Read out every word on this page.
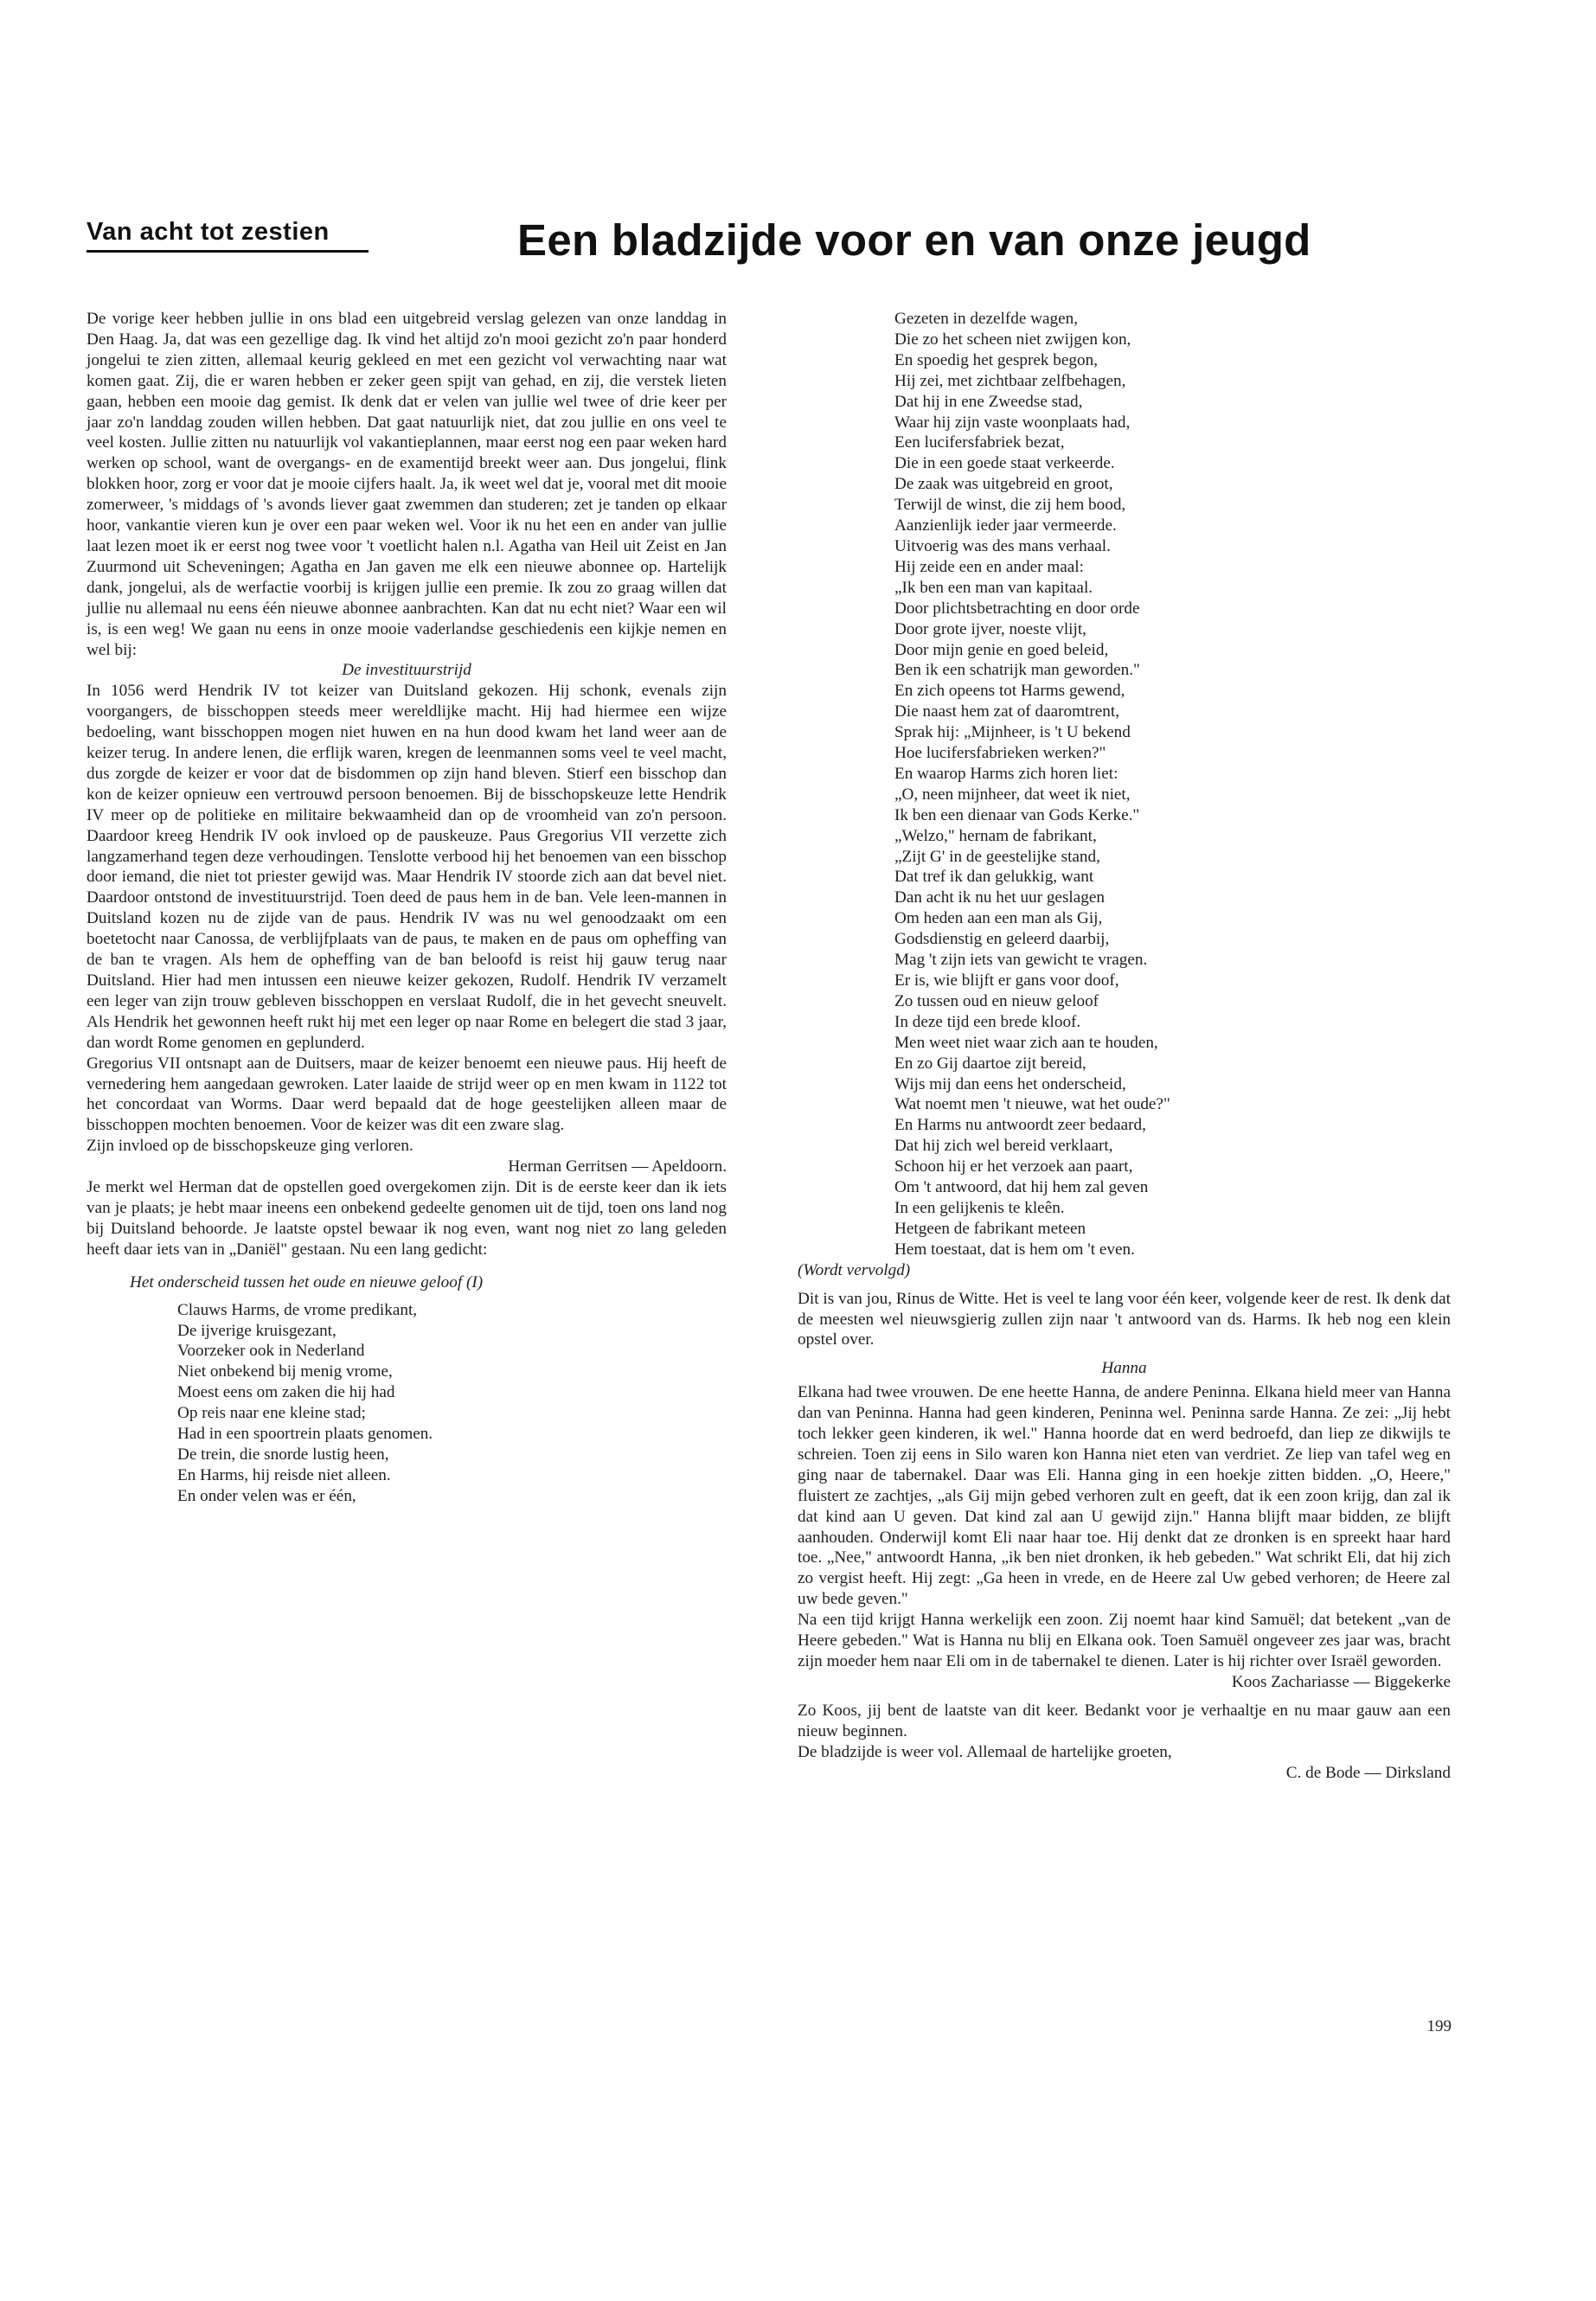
Van acht tot zestien	Een bladzijde voor en van onze jeugd

De vorige keer hebben jullie in ons blad een uitgebreid verslag gelezen van onze landdag in Den Haag. Ja, dat was een gezellige dag. Ik vind het altijd zo'n mooi gezicht zo'n paar honderd jongelui te zien zitten, allemaal keurig gekleed en met een gezicht vol verwachting naar wat komen gaat. Zij, die er waren hebben er zeker geen spijt van gehad, en zij, die verstek lieten gaan, hebben een mooie dag gemist. Ik denk dat er velen van jullie wel twee of drie keer per jaar zo'n landdag zouden willen hebben. Dat gaat natuurlijk niet, dat zou jullie en ons veel te veel kosten. Jullie zitten nu natuurlijk vol vakantieplannen, maar eerst nog een paar weken hard werken op school, want de overgangs- en de examentijd breekt weer aan. Dus jongelui, flink blokken hoor, zorg er voor dat je mooie cijfers haalt. Ja, ik weet wel dat je, vooral met dit mooie zomerweer, 's middags of 's avonds liever gaat zwemmen dan studeren; zet je tanden op elkaar hoor, vankantie vieren kun je over een paar weken wel. Voor ik nu het een en ander van jullie laat lezen moet ik er eerst nog twee voor 't voetlicht halen n.l. Agatha van Heil uit Zeist en Jan Zuurmond uit Scheveningen; Agatha en Jan gaven me elk een nieuwe abonnee op. Hartelijk dank, jongelui, als de werfactie voorbij is krijgen jullie een premie. Ik zou zo graag willen dat jullie nu allemaal nu eens één nieuwe abonnee aanbrachten. Kan dat nu echt niet? Waar een wil is, is een weg! We gaan nu eens in onze mooie vaderlandse geschiedenis een kijkje nemen en wel bij:

De investituurstrijd

In 1056 werd Hendrik IV tot keizer van Duitsland gekozen. Hij schonk, evenals zijn voorgangers, de bisschoppen steeds meer wereldlijke macht. Hij had hiermee een wijze bedoeling, want bisschoppen mogen niet huwen en na hun dood kwam het land weer aan de keizer terug. In andere lenen, die erflijk waren, kregen de leenmannen soms veel te veel macht, dus zorgde de keizer er voor dat de bisdommen op zijn hand bleven. Stierf een bisschop dan kon de keizer opnieuw een vertrouwd persoon benoemen. Bij de bisschopskeuze lette Hendrik IV meer op de politieke en militaire bekwaamheid dan op de vroomheid van zo'n persoon. Daardoor kreeg Hendrik IV ook invloed op de pauskeuze. Paus Gregorius VII verzette zich langzamerhand tegen deze verhoudingen. Tenslotte verbood hij het benoemen van een bisschop door iemand, die niet tot priester gewijd was. Maar Hendrik IV stoorde zich aan dat bevel niet. Daardoor ontstond de investituurstrijd. Toen deed de paus hem in de ban. Vele leen-mannen in Duitsland kozen nu de zijde van de paus. Hendrik IV was nu wel genoodzaakt om een boetetocht naar Canossa, de verblijfplaats van de paus, te maken en de paus om opheffing van de ban te vragen. Als hem de opheffing van de ban beloofd is reist hij gauw terug naar Duitsland. Hier had men intussen een nieuwe keizer gekozen, Rudolf. Hendrik IV verzamelt een leger van zijn trouw gebleven bisschoppen en verslaat Rudolf, die in het gevecht sneuvelt. Als Hendrik het gewonnen heeft rukt hij met een leger op naar Rome en belegert die stad 3 jaar, dan wordt Rome genomen en geplunderd.

Gregorius VII ontsnapt aan de Duitsers, maar de keizer benoemt een nieuwe paus. Hij heeft de vernedering hem aangedaan gewroken. Later laaide de strijd weer op en men kwam in 1122 tot het concordaat van Worms. Daar werd bepaald dat de hoge geestelijken alleen maar de bisschoppen mochten benoemen. Voor de keizer was dit een zware slag.

Zijn invloed op de bisschopskeuze ging verloren.

Herman Gerritsen — Apeldoorn.

Je merkt wel Herman dat de opstellen goed overgekomen zijn. Dit is de eerste keer dan ik iets van je plaats; je hebt maar ineens een onbekend gedeelte genomen uit de tijd, toen ons land nog bij Duitsland behoorde. Je laatste opstel bewaar ik nog even, want nog niet zo lang geleden heeft daar iets van in „Daniël" gestaan. Nu een lang gedicht:

Het onderscheid tussen het oude en nieuwe geloof (I)

Clauws Harms, de vrome predikant,

De ijverige kruisgezant,

Voorzeker ook in Nederland

Niet onbekend bij menig vrome,

Moest eens om zaken die hij had

Op reis naar ene kleine stad;

Had in een spoortrein plaats genomen.

De trein, die snorde lustig heen,

En Harms, hij reisde niet alleen.

En onder velen was er één,

Gezeten in dezelfde wagen,

Die zo het scheen niet zwijgen kon,

En spoedig het gesprek begon,

Hij zei, met zichtbaar zelfbehagen,

Dat hij in ene Zweedse stad,

Waar hij zijn vaste woonplaats had,

Een lucifersfabriek bezat,

Die in een goede staat verkeerde.

De zaak was uitgebreid en groot,

Terwijl de winst, die zij hem bood,

Aanzienlijk ieder jaar vermeerde.

Uitvoerig was des mans verhaal.

Hij zeide een en ander maal:

„Ik ben een man van kapitaal.

Door plichtsbetrachting en door orde

Door grote ijver, noeste vlijt,

Door mijn genie en goed beleid,

Ben ik een schatrijk man geworden."

En zich opeens tot Harms gewend,

Die naast hem zat of daaromtrent,

Sprak hij: „Mijnheer, is 't U bekend

Hoe lucifersfabrieken werken?"

En waarop Harms zich horen liet:

„O, neen mijnheer, dat weet ik niet,

Ik ben een dienaar van Gods Kerke."

„Welzo," hernam de fabrikant,

„Zijt G' in de geestelijke stand,

Dat tref ik dan gelukkig, want

Dan acht ik nu het uur geslagen

Om heden aan een man als Gij,

Godsdienstig en geleerd daarbij,

Mag 't zijn iets van gewicht te vragen.

Er is, wie blijft er gans voor doof,

Zo tussen oud en nieuw geloof

In deze tijd een brede kloof.

Men weet niet waar zich aan te houden,

En zo Gij daartoe zijt bereid,

Wijs mij dan eens het onderscheid,

Wat noemt men 't nieuwe, wat het oude?"

En Harms nu antwoordt zeer bedaard,

Dat hij zich wel bereid verklaart,

Schoon hij er het verzoek aan paart,

Om 't antwoord, dat hij hem zal geven

In een gelijkenis te kleên.

Hetgeen de fabrikant meteen

Hem toestaat, dat is hem om 't even.

(Wordt vervolgd)

Dit is van jou, Rinus de Witte. Het is veel te lang voor één keer, volgende keer de rest. Ik denk dat de meesten wel nieuwsgierig zullen zijn naar 't antwoord van ds. Harms. Ik heb nog een klein opstel over.

Hanna

Elkana had twee vrouwen. De ene heette Hanna, de andere Peninna. Elkana hield meer van Hanna dan van Peninna. Hanna had geen kinderen, Peninna wel. Peninna sarde Hanna. Ze zei: „Jij hebt toch lekker geen kinderen, ik wel." Hanna hoorde dat en werd bedroefd, dan liep ze dikwijls te schreien. Toen zij eens in Silo waren kon Hanna niet eten van verdriet. Ze liep van tafel weg en ging naar de tabernakel. Daar was Eli. Hanna ging in een hoekje zitten bidden. „O, Heere," fluistert ze zachtjes, „als Gij mijn gebed verhoren zult en geeft, dat ik een zoon krijg, dan zal ik dat kind aan U geven. Dat kind zal aan U gewijd zijn." Hanna blijft maar bidden, ze blijft aanhouden. Onderwijl komt Eli naar haar toe. Hij denkt dat ze dronken is en spreekt haar hard toe. „Nee," antwoordt Hanna, „ik ben niet dronken, ik heb gebeden." Wat schrikt Eli, dat hij zich zo vergist heeft. Hij zegt: „Ga heen in vrede, en de Heere zal Uw gebed verhoren; de Heere zal uw bede geven."

Na een tijd krijgt Hanna werkelijk een zoon. Zij noemt haar kind Samuël; dat betekent „van de Heere gebeden." Wat is Hanna nu blij en Elkana ook. Toen Samuël ongeveer zes jaar was, bracht zijn moeder hem naar Eli om in de tabernakel te dienen. Later is hij richter over Israël geworden.

Koos Zachariasse — Biggekerke

Zo Koos, jij bent de laatste van dit keer. Bedankt voor je verhaaltje en nu maar gauw aan een nieuw beginnen.

De bladzijde is weer vol. Allemaal de hartelijke groeten,

C. de Bode — Dirksland

199
